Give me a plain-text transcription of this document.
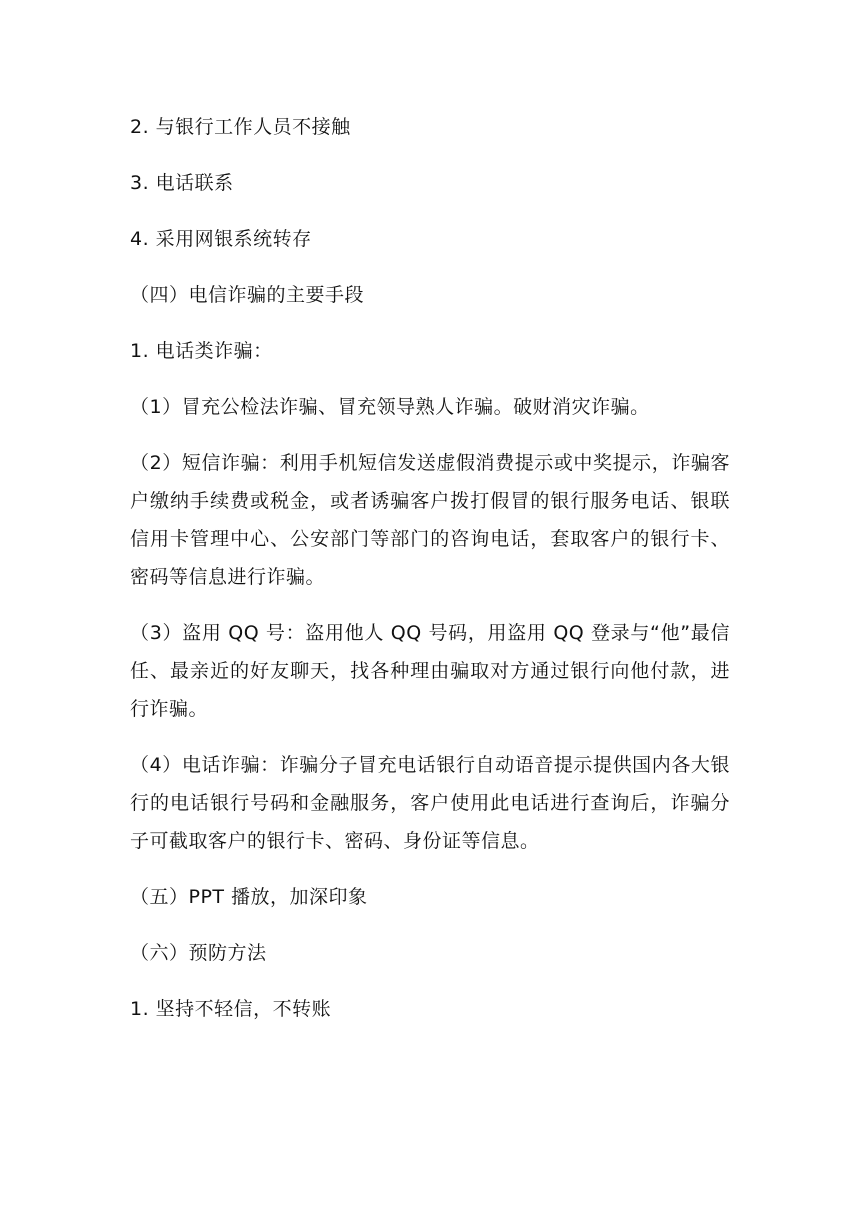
2. 与银行工作人员不接触

3. 电话联系

4. 采用网银系统转存

（四）电信诈骗的主要手段

1. 电话类诈骗：

（1）冒充公检法诈骗、冒充领导熟人诈骗。破财消灾诈骗。

（2）短信诈骗：利用手机短信发送虚假消费提示或中奖提示，诈骗客户缴纳手续费或税金，或者诱骗客户拨打假冒的银行服务电话、银联信用卡管理中心、公安部门等部门的咨询电话，套取客户的银行卡、密码等信息进行诈骗。

（3）盗用 QQ 号：盗用他人 QQ 号码，用盗用 QQ 登录与“他”最信任、最亲近的好友聊天，找各种理由骗取对方通过银行向他付款，进行诈骗。

（4）电话诈骗：诈骗分子冒充电话银行自动语音提示提供国内各大银行的电话银行号码和金融服务，客户使用此电话进行查询后，诈骗分子可截取客户的银行卡、密码、身份证等信息。

（五）PPT 播放，加深印象

（六）预防方法

1. 坚持不轻信，不转账
